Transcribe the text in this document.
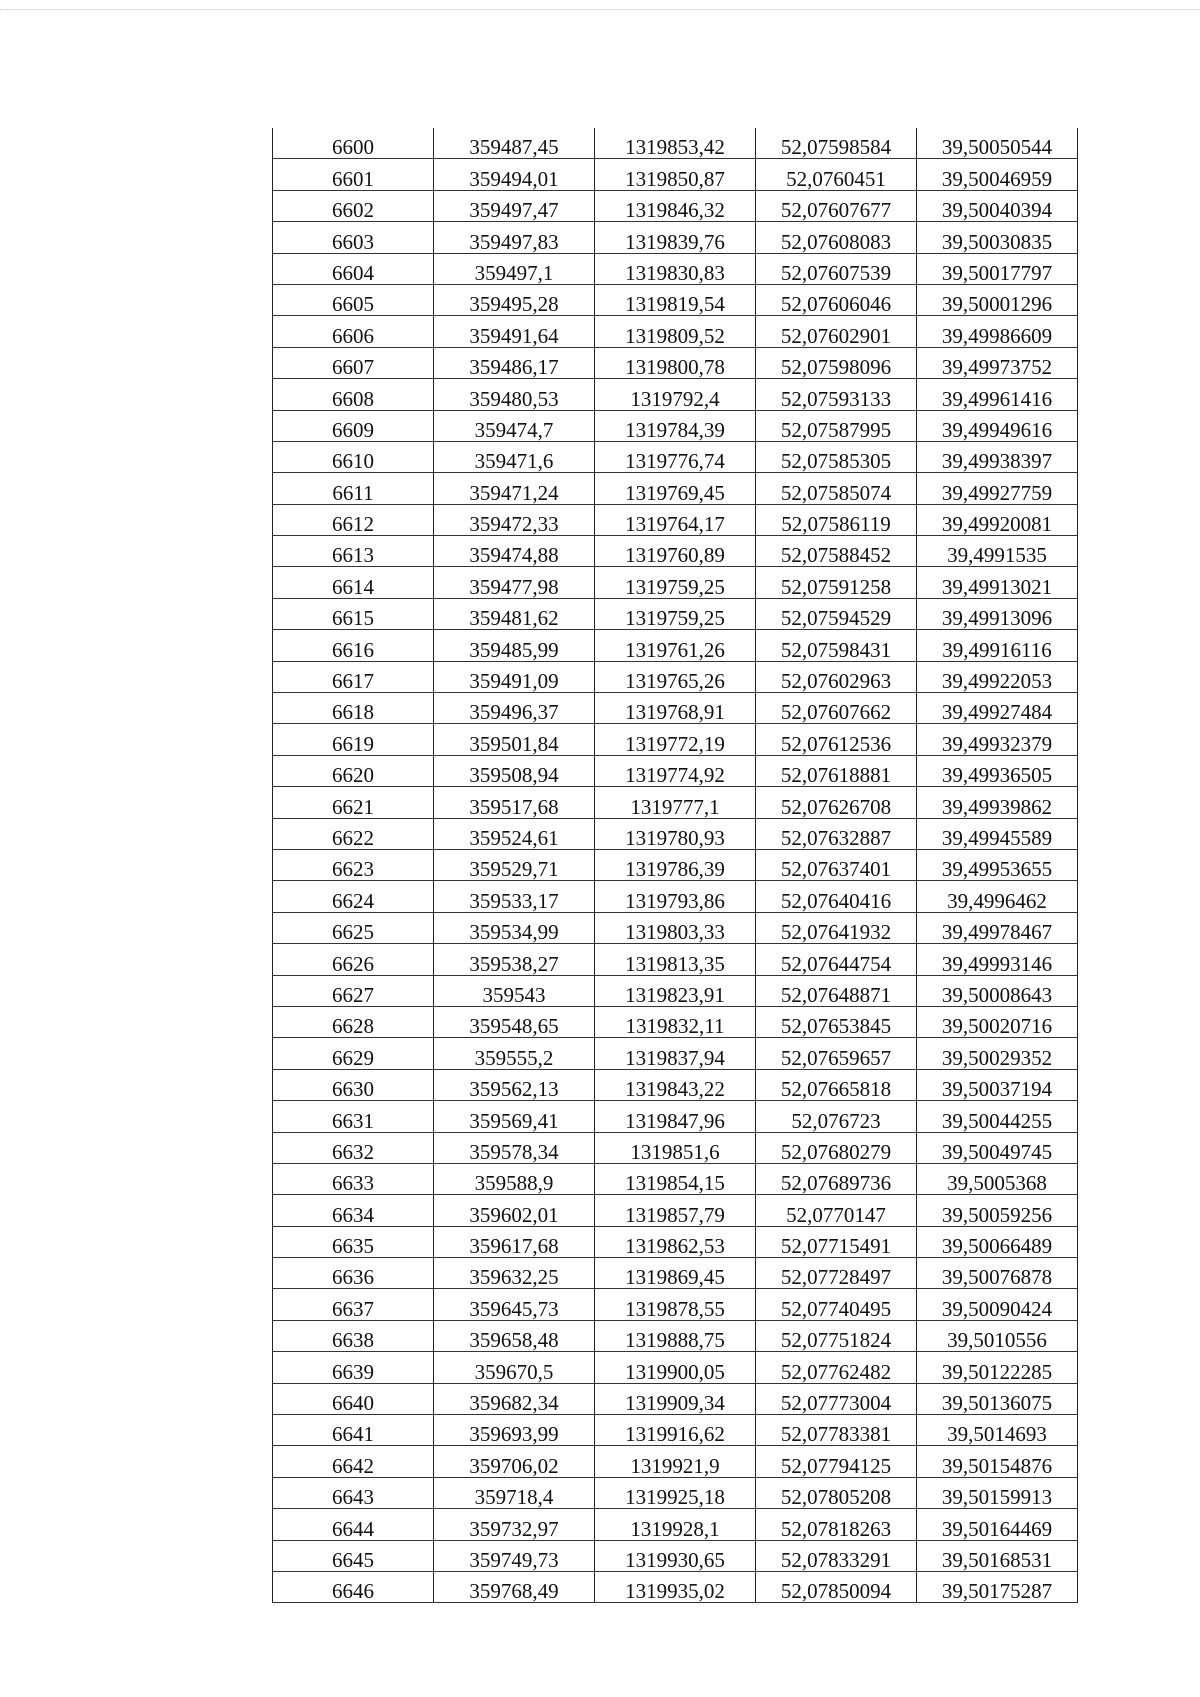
6600	359487,45	1319853,42	52,07598584	39,50050544
6601	359494,01	1319850,87	52,0760451	39,50046959
6602	359497,47	1319846,32	52,07607677	39,50040394
6603	359497,83	1319839,76	52,07608083	39,50030835
6604	359497,1	1319830,83	52,07607539	39,50017797
6605	359495,28	1319819,54	52,07606046	39,50001296
6606	359491,64	1319809,52	52,07602901	39,49986609
6607	359486,17	1319800,78	52,07598096	39,49973752
6608	359480,53	1319792,4	52,07593133	39,49961416
6609	359474,7	1319784,39	52,07587995	39,49949616
6610	359471,6	1319776,74	52,07585305	39,49938397
6611	359471,24	1319769,45	52,07585074	39,49927759
6612	359472,33	1319764,17	52,07586119	39,49920081
6613	359474,88	1319760,89	52,07588452	39,4991535
6614	359477,98	1319759,25	52,07591258	39,49913021
6615	359481,62	1319759,25	52,07594529	39,49913096
6616	359485,99	1319761,26	52,07598431	39,49916116
6617	359491,09	1319765,26	52,07602963	39,49922053
6618	359496,37	1319768,91	52,07607662	39,49927484
6619	359501,84	1319772,19	52,07612536	39,49932379
6620	359508,94	1319774,92	52,07618881	39,49936505
6621	359517,68	1319777,1	52,07626708	39,49939862
6622	359524,61	1319780,93	52,07632887	39,49945589
6623	359529,71	1319786,39	52,07637401	39,49953655
6624	359533,17	1319793,86	52,07640416	39,4996462
6625	359534,99	1319803,33	52,07641932	39,49978467
6626	359538,27	1319813,35	52,07644754	39,49993146
6627	359543	1319823,91	52,07648871	39,50008643
6628	359548,65	1319832,11	52,07653845	39,50020716
6629	359555,2	1319837,94	52,07659657	39,50029352
6630	359562,13	1319843,22	52,07665818	39,50037194
6631	359569,41	1319847,96	52,076723	39,50044255
6632	359578,34	1319851,6	52,07680279	39,50049745
6633	359588,9	1319854,15	52,07689736	39,5005368
6634	359602,01	1319857,79	52,0770147	39,50059256
6635	359617,68	1319862,53	52,07715491	39,50066489
6636	359632,25	1319869,45	52,07728497	39,50076878
6637	359645,73	1319878,55	52,07740495	39,50090424
6638	359658,48	1319888,75	52,07751824	39,5010556
6639	359670,5	1319900,05	52,07762482	39,50122285
6640	359682,34	1319909,34	52,07773004	39,50136075
6641	359693,99	1319916,62	52,07783381	39,5014693
6642	359706,02	1319921,9	52,07794125	39,50154876
6643	359718,4	1319925,18	52,07805208	39,50159913
6644	359732,97	1319928,1	52,07818263	39,50164469
6645	359749,73	1319930,65	52,07833291	39,50168531
6646	359768,49	1319935,02	52,07850094	39,50175287
